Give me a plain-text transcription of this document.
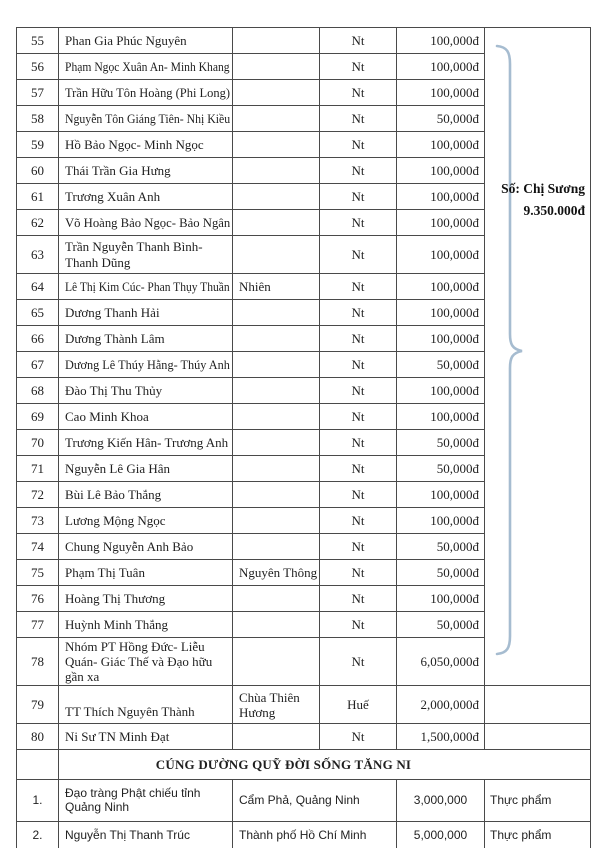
55	Phan Gia Phúc Nguyên		Nt	100,000đ	Số: Chị Sương
9.350.000đ

56	Phạm Ngọc Xuân An- Minh Khang		Nt	100,000đ	
57	Trần Hữu Tôn Hoàng (Phi Long)		Nt	100,000đ	
58	Nguyễn Tôn Giáng Tiên- Nhị Kiều		Nt	50,000đ	
59	Hồ Bảo Ngọc- Minh Ngọc		Nt	100,000đ	
60	Thái Trần Gia Hưng		Nt	100,000đ	
61	Trương Xuân Anh		Nt	100,000đ	
62	Võ Hoàng Bảo Ngọc- Bảo Ngân		Nt	100,000đ	
63	Trần Nguyễn Thanh Bình- Thanh Dũng		Nt	100,000đ	
64	Lê Thị Kim Cúc- Phan Thụy Thuần	Nhiên	Nt	100,000đ	
65	Dương Thanh Hải		Nt	100,000đ	
66	Dương Thành Lâm		Nt	100,000đ	
67	Dương Lê Thúy Hằng- Thúy Anh		Nt	50,000đ	
68	Đào Thị Thu Thủy		Nt	100,000đ	
69	Cao Minh Khoa		Nt	100,000đ	
70	Trương Kiến Hân- Trương Anh		Nt	50,000đ	
71	Nguyễn Lê Gia Hân		Nt	50,000đ	
72	Bùi Lê Bảo Thắng		Nt	100,000đ	
73	Lương Mộng Ngọc		Nt	100,000đ	
74	Chung Nguyễn Anh Bảo		Nt	50,000đ	
75	Phạm Thị Tuân	Nguyên Thông	Nt	50,000đ	
76	Hoàng Thị Thương		Nt	100,000đ	
77	Huỳnh Minh Thắng		Nt	50,000đ	
78	Nhóm PT Hồng Đức- Liễu Quán- Giác Thế và Đạo hữu gần xa		Nt	6,050,000đ	
79	TT Thích Nguyên Thành	Chùa Thiên Hương	Huế	2,000,000đ	
80	Ni Sư TN Minh Đạt		Nt	1,500,000đ	
	CÚNG DƯỜNG QUỸ ĐỜI SỐNG TĂNG NI				
1.	Đạo tràng Phật chiếu tỉnh Quảng Ninh	Cẩm Phả, Quảng Ninh		3,000,000	Thực phẩm
2.	Nguyễn Thị Thanh Trúc	Thành phố Hồ Chí Minh		5,000,000	Thực phẩm
